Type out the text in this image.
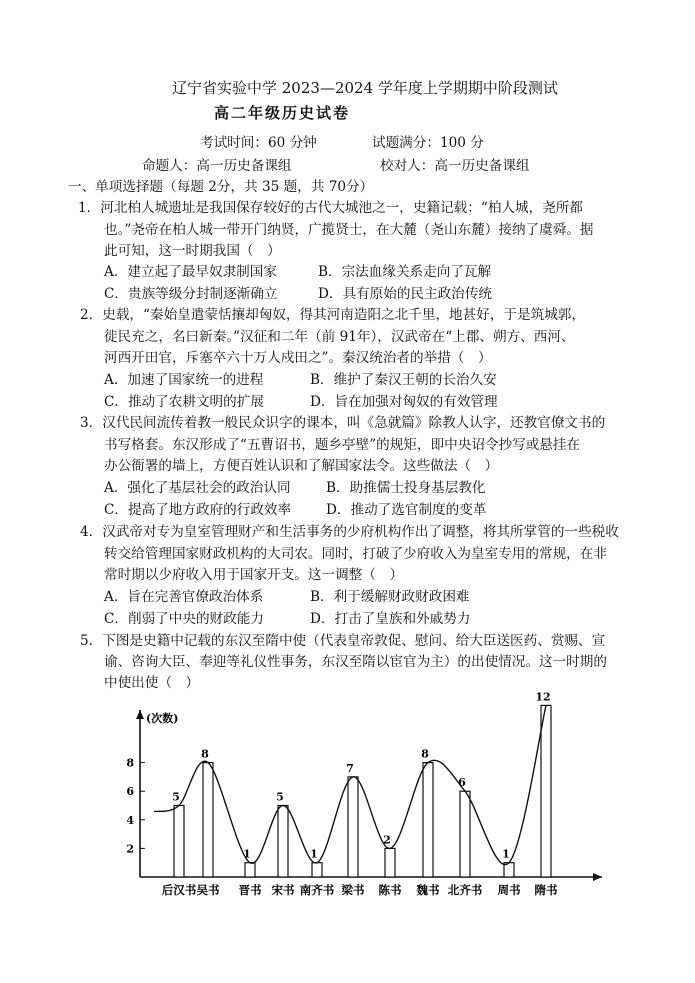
辽宁省实验中学 2023—2024 学年度上学期期中阶段测试
高二年级历史试卷
考试时间：60 分钟	试题满分：100 分
命题人：高一历史备课组	校对人：高一历史备课组
一、单项选择题（每题 2分，共 35 题，共 70分）
1．河北柏人城遗址是我国保存较好的古代大城池之一，史籍记载：“柏人城，尧所都
也。”尧帝在柏人城一带开门纳贤，广揽贤士，在大麓（尧山东麓）接纳了虞舜。据
此可知，这一时期我国（　）
A．建立起了最早奴隶制国家	B．宗法血缘关系走向了瓦解
C．贵族等级分封制逐渐确立	D．具有原始的民主政治传统
2．史载，“秦始皇遣蒙恬攘却匈奴，得其河南造阳之北千里，地甚好，于是筑城郭，
徙民充之，名曰新秦。”汉征和二年（前 91年），汉武帝在“上郡、朔方、西河、
河西开田官，斥塞卒六十万人戍田之”。秦汉统治者的举措（　）
A．加速了国家统一的进程	B．维护了秦汉王朝的长治久安
C．推动了农耕文明的扩展	D．旨在加强对匈奴的有效管理
3．汉代民间流传着教一般民众识字的课本，叫《急就篇》除教人认字，还教官僚文书的
书写格套。东汉形成了“五曹诏书，题乡亭壁”的规矩，即中央诏令抄写或悬挂在
办公衙署的墙上，方便百姓认识和了解国家法令。这些做法（　）
A．强化了基层社会的政治认同	B．助推儒士投身基层教化
C．提高了地方政府的行政效率	D．推动了选官制度的变革
4．汉武帝对专为皇室管理财产和生活事务的少府机构作出了调整，将其所掌管的一些税收
转交给管理国家财政机构的大司农。同时，打破了少府收入为皇室专用的常规，在非
常时期以少府收入用于国家开支。这一调整（　）
A．旨在完善官僚政治体系	B．利于缓解财政财政困难
C．削弱了中央的财政能力	D．打击了皇族和外戚势力
5．下图是史籍中记载的东汉至隋中使（代表皇帝敦促、慰问、给大臣送医药、赏赐、宣
谕、咨询大臣、奉迎等礼仪性事务，东汉至隋以宦官为主）的出使情况。这一时期的
中使出使（　）
(次数)
2
4
6
8
5
后汉书
8
吴书
1
晋书
5
宋书
1
南齐书
7
梁书
2
陈书
8
魏书
6
北齐书
1
周书
12
隋书
